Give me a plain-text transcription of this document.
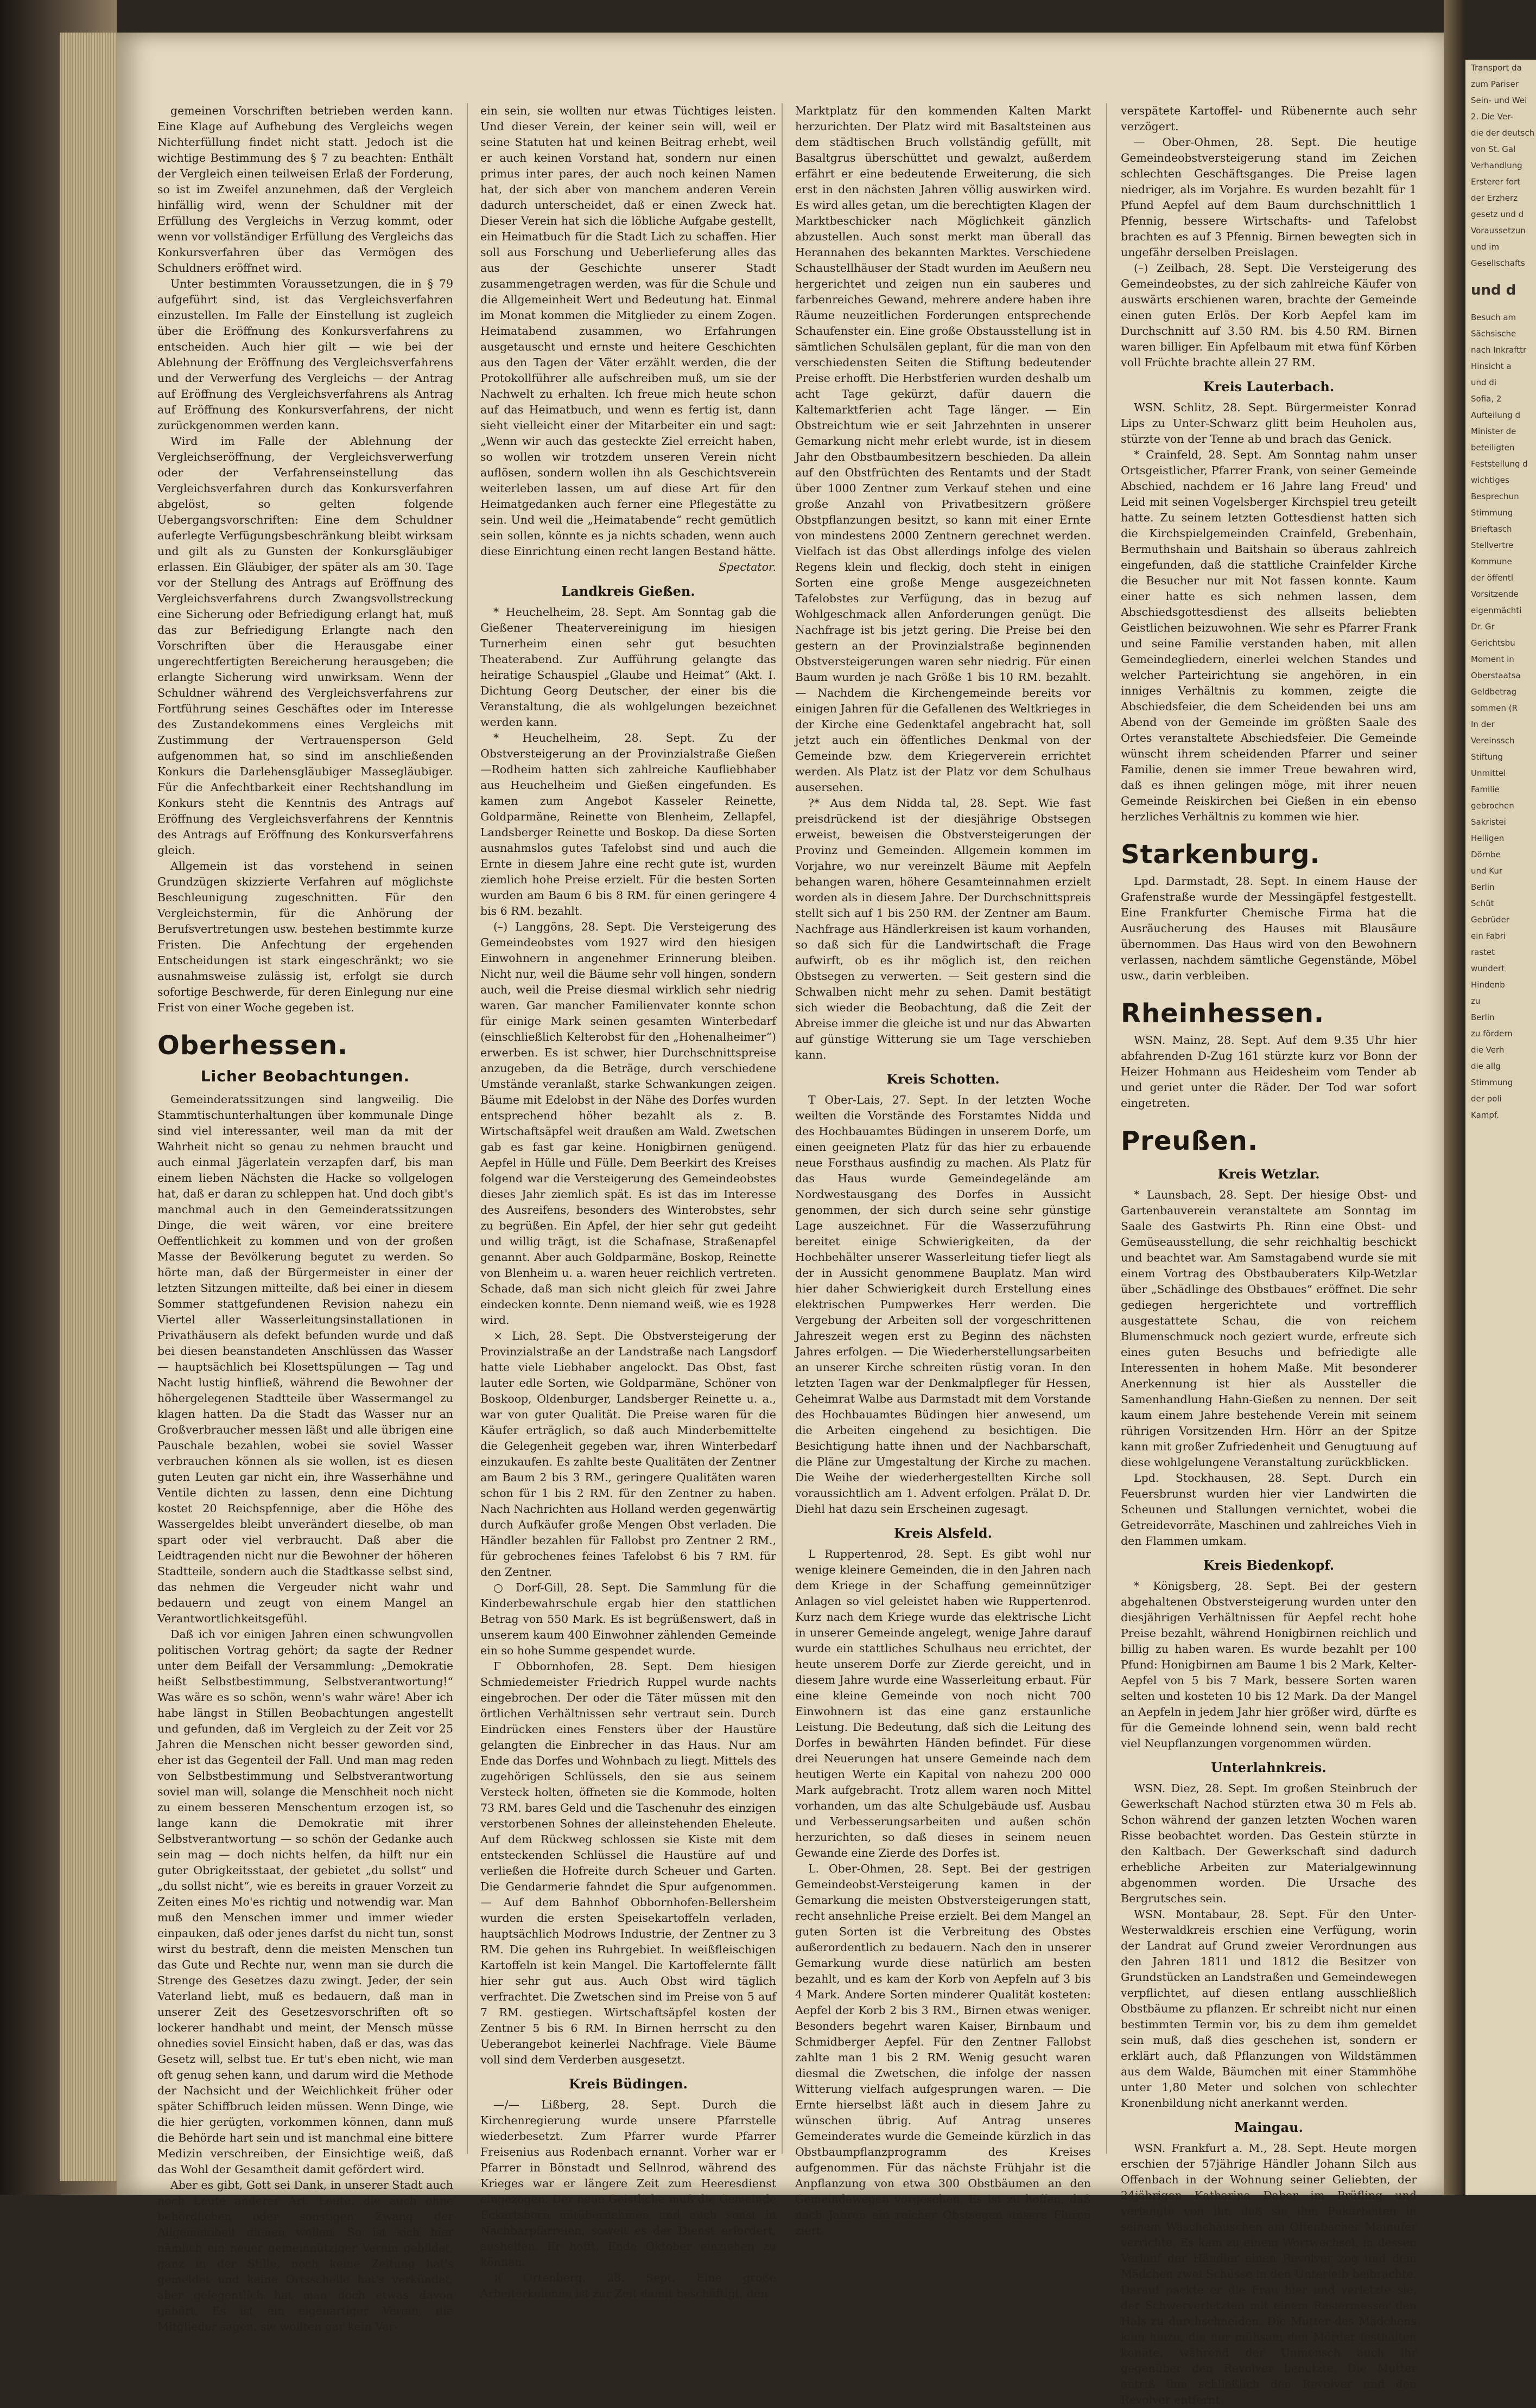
gemeinen Vorschriften betrieben werden kann. Eine Klage auf Aufhebung des Vergleichs wegen Nichterfüllung findet nicht statt. Jedoch ist die wichtige Bestimmung des § 7 zu beachten: Enthält der Vergleich einen teilweisen Erlaß der Forderung, so ist im Zweifel anzunehmen, daß der Vergleich hinfällig wird, wenn der Schuldner mit der Erfüllung des Vergleichs in Verzug kommt, oder wenn vor vollständiger Erfüllung des Vergleichs das Konkursverfahren über das Vermögen des Schuldners eröffnet wird.
Unter bestimmten Voraussetzungen, die in § 79 aufgeführt sind, ist das Vergleichsverfahren einzustellen. Im Falle der Einstellung ist zugleich über die Eröffnung des Konkursverfahrens zu entscheiden. Auch hier gilt — wie bei der Ablehnung der Eröffnung des Vergleichsverfahrens und der Verwerfung des Vergleichs — der Antrag auf Eröffnung des Vergleichsverfahrens als Antrag auf Eröffnung des Konkursverfahrens, der nicht zurückgenommen werden kann.
Wird im Falle der Ablehnung der Vergleichseröffnung, der Vergleichsverwerfung oder der Verfahrenseinstellung das Vergleichsverfahren durch das Konkursverfahren abgelöst, so gelten folgende Uebergangsvorschriften: Eine dem Schuldner auferlegte Verfügungsbeschränkung bleibt wirksam und gilt als zu Gunsten der Konkursgläubiger erlassen. Ein Gläubiger, der später als am 30. Tage vor der Stellung des Antrags auf Eröffnung des Vergleichsverfahrens durch Zwangsvollstreckung eine Sicherung oder Befriedigung erlangt hat, muß das zur Befriedigung Erlangte nach den Vorschriften über die Herausgabe einer ungerechtfertigten Bereicherung herausgeben; die erlangte Sicherung wird unwirksam. Wenn der Schuldner während des Vergleichsverfahrens zur Fortführung seines Geschäftes oder im Interesse des Zustandekommens eines Vergleichs mit Zustimmung der Vertrauensperson Geld aufgenommen hat, so sind im anschließenden Konkurs die Darlehensgläubiger Massegläubiger. Für die Anfechtbarkeit einer Rechtshandlung im Konkurs steht die Kenntnis des Antrags auf Eröffnung des Vergleichsverfahrens der Kenntnis des Antrags auf Eröffnung des Konkursverfahrens gleich.
Allgemein ist das vorstehend in seinen Grundzügen skizzierte Verfahren auf möglichste Beschleunigung zugeschnitten. Für den Vergleichstermin, für die Anhörung der Berufsvertretungen usw. bestehen bestimmte kurze Fristen. Die Anfechtung der ergehenden Entscheidungen ist stark eingeschränkt; wo sie ausnahmsweise zulässig ist, erfolgt sie durch sofortige Beschwerde, für deren Einlegung nur eine Frist von einer Woche gegeben ist.
Oberhessen.
Licher Beobachtungen.
Gemeinderatssitzungen sind langweilig. Die Stammtischunterhaltungen über kommunale Dinge sind viel interessanter, weil man da mit der Wahrheit nicht so genau zu nehmen braucht und auch einmal Jägerlatein verzapfen darf, bis man einem lieben Nächsten die Hacke so vollgelogen hat, daß er daran zu schleppen hat. Und doch gibt's manchmal auch in den Gemeinderatssitzungen Dinge, die weit wären, vor eine breitere Oeffentlichkeit zu kommen und von der großen Masse der Bevölkerung begutet zu werden. So hörte man, daß der Bürgermeister in einer der letzten Sitzungen mitteilte, daß bei einer in diesem Sommer stattgefundenen Revision nahezu ein Viertel aller Wasserleitungsinstallationen in Privathäusern als defekt befunden wurde und daß bei diesen beanstandeten Anschlüssen das Wasser — hauptsächlich bei Klosettspülungen — Tag und Nacht lustig hinfließ, während die Bewohner der höhergelegenen Stadtteile über Wassermangel zu klagen hatten. Da die Stadt das Wasser nur an Großverbraucher messen läßt und alle übrigen eine Pauschale bezahlen, wobei sie soviel Wasser verbrauchen können als sie wollen, ist es diesen guten Leuten gar nicht ein, ihre Wasserhähne und Ventile dichten zu lassen, denn eine Dichtung kostet 20 Reichspfennige, aber die Höhe des Wassergeldes bleibt unverändert dieselbe, ob man spart oder viel verbraucht. Daß aber die Leidtragenden nicht nur die Bewohner der höheren Stadtteile, sondern auch die Stadtkasse selbst sind, das nehmen die Vergeuder nicht wahr und bedauern und zeugt von einem Mangel an Verantwortlichkeitsgefühl.
Daß ich vor einigen Jahren einen schwungvollen politischen Vortrag gehört; da sagte der Redner unter dem Beifall der Versammlung: „Demokratie heißt Selbstbestimmung, Selbstverantwortung!“ Was wäre es so schön, wenn's wahr wäre! Aber ich habe längst in Stillen Beobachtungen angestellt und gefunden, daß im Vergleich zu der Zeit vor 25 Jahren die Menschen nicht besser geworden sind, eher ist das Gegenteil der Fall. Und man mag reden von Selbstbestimmung und Selbstverantwortung soviel man will, solange die Menschheit noch nicht zu einem besseren Menschentum erzogen ist, so lange kann die Demokratie mit ihrer Selbstverantwortung — so schön der Gedanke auch sein mag — doch nichts helfen, da hilft nur ein guter Obrigkeitsstaat, der gebietet „du sollst“ und „du sollst nicht“, wie es bereits in grauer Vorzeit zu Zeiten eines Mo'es richtig und notwendig war. Man muß den Menschen immer und immer wieder einpauken, daß oder jenes darfst du nicht tun, sonst wirst du bestraft, denn die meisten Menschen tun das Gute und Rechte nur, wenn man sie durch die Strenge des Gesetzes dazu zwingt. Jeder, der sein Vaterland liebt, muß es bedauern, daß man in unserer Zeit des Gesetzesvorschriften oft so lockerer handhabt und meint, der Mensch müsse ohnedies soviel Einsicht haben, daß er das, was das Gesetz will, selbst tue. Er tut's eben nicht, wie man oft genug sehen kann, und darum wird die Methode der Nachsicht und der Weichlichkeit früher oder später Schiffbruch leiden müssen. Wenn Dinge, wie die hier gerügten, vorkommen können, dann muß die Behörde hart sein und ist manchmal eine bittere Medizin verschreiben, der Einsichtige weiß, daß das Wohl der Gesamtheit damit gefördert wird.
Aber es gibt, Gott sei Dank, in unserer Stadt auch noch Leute anderer Art. Leute, die auch ohne behördlichen oder sonstigen Zwang der Allgemeinheit dienen wollen. So ist sich hier nämlich ein neuer gemeinnütziger Verein gebildet, ganz in der Stille, noch keine Zeitung hat's gemeldet und keine Ortsschelle hat's verkündet, aber gelegentlich hat man doch etwas davon gehört. Es ist ein eigenartiger Verein, die Mitglieder sagen, sie wollten gar kein Ver-
ein sein, sie wollten nur etwas Tüchtiges leisten. Und dieser Verein, der keiner sein will, weil er seine Statuten hat und keinen Beitrag erhebt, weil er auch keinen Vorstand hat, sondern nur einen primus inter pares, der auch noch keinen Namen hat, der sich aber von manchem anderen Verein dadurch unterscheidet, daß er einen Zweck hat. Dieser Verein hat sich die löbliche Aufgabe gestellt, ein Heimatbuch für die Stadt Lich zu schaffen. Hier soll aus Forschung und Ueberlieferung alles das aus der Geschichte unserer Stadt zusammengetragen werden, was für die Schule und die Allgemeinheit Wert und Bedeutung hat. Einmal im Monat kommen die Mitglieder zu einem Zogen. Heimatabend zusammen, wo Erfahrungen ausgetauscht und ernste und heitere Geschichten aus den Tagen der Väter erzählt werden, die der Protokollführer alle aufschreiben muß, um sie der Nachwelt zu erhalten. Ich freue mich heute schon auf das Heimatbuch, und wenn es fertig ist, dann sieht vielleicht einer der Mitarbeiter ein und sagt: „Wenn wir auch das gesteckte Ziel erreicht haben, so wollen wir trotzdem unseren Verein nicht auflösen, sondern wollen ihn als Geschichtsverein weiterleben lassen, um auf diese Art für den Heimatgedanken auch ferner eine Pflegestätte zu sein. Und weil die „Heimatabende“ recht gemütlich sein sollen, könnte es ja nichts schaden, wenn auch diese Einrichtung einen recht langen Bestand hätte.
Spectator.
Landkreis Gießen.
* Heuchelheim, 28. Sept. Am Sonntag gab die Gießener Theatervereinigung im hiesigen Turnerheim einen sehr gut besuchten Theaterabend. Zur Aufführung gelangte das heiratige Schauspiel „Glaube und Heimat“ (Akt. I. Dichtung Georg Deutscher, der einer bis die Veranstaltung, die als wohlgelungen bezeichnet werden kann.
* Heuchelheim, 28. Sept. Zu der Obstversteigerung an der Provinzialstraße Gießen—Rodheim hatten sich zahlreiche Kaufliebhaber aus Heuchelheim und Gießen eingefunden. Es kamen zum Angebot Kasseler Reinette, Goldparmäne, Reinette von Blenheim, Zellapfel, Landsberger Reinette und Boskop. Da diese Sorten ausnahmslos gutes Tafelobst sind und auch die Ernte in diesem Jahre eine recht gute ist, wurden ziemlich hohe Preise erzielt. Für die besten Sorten wurden am Baum 6 bis 8 RM. für einen geringere 4 bis 6 RM. bezahlt.
(–) Langgöns, 28. Sept. Die Versteigerung des Gemeindeobstes vom 1927 wird den hiesigen Einwohnern in angenehmer Erinnerung bleiben. Nicht nur, weil die Bäume sehr voll hingen, sondern auch, weil die Preise diesmal wirklich sehr niedrig waren. Gar mancher Familienvater konnte schon für einige Mark seinen gesamten Winterbedarf (einschließlich Kelterobst für den „Hohenalheimer“) erwerben. Es ist schwer, hier Durchschnittspreise anzugeben, da die Beträge, durch verschiedene Umstände veranlaßt, starke Schwankungen zeigen. Bäume mit Edelobst in der Nähe des Dorfes wurden entsprechend höher bezahlt als z. B. Wirtschaftsäpfel weit draußen am Wald. Zwetschen gab es fast gar keine. Honigbirnen genügend. Aepfel in Hülle und Fülle. Dem Beerkirt des Kreises folgend war die Versteigerung des Gemeindeobstes dieses Jahr ziemlich spät. Es ist das im Interesse des Ausreifens, besonders des Winterobstes, sehr zu begrüßen. Ein Apfel, der hier sehr gut gedeiht und willig trägt, ist die Schafnase, Straßenapfel genannt. Aber auch Goldparmäne, Boskop, Reinette von Blenheim u. a. waren heuer reichlich vertreten. Schade, daß man sich nicht gleich für zwei Jahre eindecken konnte. Denn niemand weiß, wie es 1928 wird.
× Lich, 28. Sept. Die Obstversteigerung der Provinzialstraße an der Landstraße nach Langsdorf hatte viele Liebhaber angelockt. Das Obst, fast lauter edle Sorten, wie Goldparmäne, Schöner von Boskoop, Oldenburger, Landsberger Reinette u. a., war von guter Qualität. Die Preise waren für die Käufer erträglich, so daß auch Minderbemittelte die Gelegenheit gegeben war, ihren Winterbedarf einzukaufen. Es zahlte beste Qualitäten der Zentner am Baum 2 bis 3 RM., geringere Qualitäten waren schon für 1 bis 2 RM. für den Zentner zu haben. Nach Nachrichten aus Holland werden gegenwärtig durch Aufkäufer große Mengen Obst verladen. Die Händler bezahlen für Fallobst pro Zentner 2 RM., für gebrochenes feines Tafelobst 6 bis 7 RM. für den Zentner.
○ Dorf-Gill, 28. Sept. Die Sammlung für die Kinderbewahrschule ergab hier den stattlichen Betrag von 550 Mark. Es ist begrüßenswert, daß in unserem kaum 400 Einwohner zählenden Gemeinde ein so hohe Summe gespendet wurde.
Γ Obbornhofen, 28. Sept. Dem hiesigen Schmiedemeister Friedrich Ruppel wurde nachts eingebrochen. Der oder die Täter müssen mit den örtlichen Verhältnissen sehr vertraut sein. Durch Eindrücken eines Fensters über der Haustüre gelangten die Einbrecher in das Haus. Nur am Ende das Dorfes und Wohnbach zu liegt. Mittels des zugehörigen Schlüssels, den sie aus seinem Versteck holten, öffneten sie die Kommode, holten 73 RM. bares Geld und die Taschenuhr des einzigen verstorbenen Sohnes der alleinstehenden Eheleute. Auf dem Rückweg schlossen sie Kiste mit dem entsteckenden Schlüssel die Haustüre auf und verließen die Hofreite durch Scheuer und Garten. Die Gendarmerie fahndet die Spur aufgenommen. — Auf dem Bahnhof Obbornhofen-Bellersheim wurden die ersten Speisekartoffeln verladen, hauptsächlich Modrows Industrie, der Zentner zu 3 RM. Die gehen ins Ruhrgebiet. In weißfleischigen Kartoffeln ist kein Mangel. Die Kartoffelernte fällt hier sehr gut aus. Auch Obst wird täglich verfrachtet. Die Zwetschen sind im Preise von 5 auf 7 RM. gestiegen. Wirtschaftsäpfel kosten der Zentner 5 bis 6 RM. In Birnen herrscht zu den Ueberangebot keinerlei Nachfrage. Viele Bäume voll sind dem Verderben ausgesetzt.
Kreis Büdingen.
—/— Lißberg, 28. Sept. Durch die Kirchenregierung wurde unsere Pfarrstelle wiederbesetzt. Zum Pfarrer wurde Pfarrer Freisenius aus Rodenbach ernannt. Vorher war er Pfarrer in Bönstadt und Sellnrod, während des Krieges war er längere Zeit zum Heeresdienst eingezogen. Der neue Geistliche muß die Gemeinde Eckartsborn mitübernehmen und auch sonst in Nachbarpfarreien, soweit es der Dienst erfordert, aushelfen. Er hofft, Ende Oktober einziehen zu können.
)( Ortenberg, 28. Sept. Eine große Arbeiterkolonne ist zur Zeit damit beschäftigt, den
Marktplatz für den kommenden Kalten Markt herzurichten. Der Platz wird mit Basaltsteinen aus dem städtischen Bruch vollständig gefüllt, mit Basaltgrus überschüttet und gewalzt, außerdem erfährt er eine bedeutende Erweiterung, die sich erst in den nächsten Jahren völlig auswirken wird. Es wird alles getan, um die berechtigten Klagen der Marktbeschicker nach Möglichkeit gänzlich abzustellen. Auch sonst merkt man überall das Herannahen des bekannten Marktes. Verschiedene Schaustellhäuser der Stadt wurden im Aeußern neu hergerichtet und zeigen nun ein sauberes und farbenreiches Gewand, mehrere andere haben ihre Räume neuzeitlichen Forderungen entsprechende Schaufenster ein. Eine große Obstausstellung ist in sämtlichen Schulsälen geplant, für die man von den verschiedensten Seiten die Stiftung bedeutender Preise erhofft. Die Herbstferien wurden deshalb um acht Tage gekürzt, dafür dauern die Kaltemarktferien acht Tage länger. — Ein Obstreichtum wie er seit Jahrzehnten in unserer Gemarkung nicht mehr erlebt wurde, ist in diesem Jahr den Obstbaumbesitzern beschieden. Da allein auf den Obstfrüchten des Rentamts und der Stadt über 1000 Zentner zum Verkauf stehen und eine große Anzahl von Privatbesitzern größere Obstpflanzungen besitzt, so kann mit einer Ernte von mindestens 2000 Zentnern gerechnet werden. Vielfach ist das Obst allerdings infolge des vielen Regens klein und fleckig, doch steht in einigen Sorten eine große Menge ausgezeichneten Tafelobstes zur Verfügung, das in bezug auf Wohlgeschmack allen Anforderungen genügt. Die Nachfrage ist bis jetzt gering. Die Preise bei den gestern an der Provinzialstraße beginnenden Obstversteigerungen waren sehr niedrig. Für einen Baum wurden je nach Größe 1 bis 10 RM. bezahlt. — Nachdem die Kirchengemeinde bereits vor einigen Jahren für die Gefallenen des Weltkrieges in der Kirche eine Gedenktafel angebracht hat, soll jetzt auch ein öffentliches Denkmal von der Gemeinde bzw. dem Kriegerverein errichtet werden. Als Platz ist der Platz vor dem Schulhaus ausersehen.
?* Aus dem Nidda tal, 28. Sept. Wie fast preisdrückend ist der diesjährige Obstsegen erweist, beweisen die Obstversteigerungen der Provinz und Gemeinden. Allgemein kommen im Vorjahre, wo nur vereinzelt Bäume mit Aepfeln behangen waren, höhere Gesamteinnahmen erzielt worden als in diesem Jahre. Der Durchschnittspreis stellt sich auf 1 bis 250 RM. der Zentner am Baum. Nachfrage aus Händlerkreisen ist kaum vorhanden, so daß sich für die Landwirtschaft die Frage aufwirft, ob es ihr möglich ist, den reichen Obstsegen zu verwerten. — Seit gestern sind die Schwalben nicht mehr zu sehen. Damit bestätigt sich wieder die Beobachtung, daß die Zeit der Abreise immer die gleiche ist und nur das Abwarten auf günstige Witterung sie um Tage verschieben kann.
Kreis Schotten.
T Ober-Lais, 27. Sept. In der letzten Woche weilten die Vorstände des Forstamtes Nidda und des Hochbauamtes Büdingen in unserem Dorfe, um einen geeigneten Platz für das hier zu erbauende neue Forsthaus ausfindig zu machen. Als Platz für das Haus wurde Gemeindegelände am Nordwestausgang des Dorfes in Aussicht genommen, der sich durch seine sehr günstige Lage auszeichnet. Für die Wasserzuführung bereitet einige Schwierigkeiten, da der Hochbehälter unserer Wasserleitung tiefer liegt als der in Aussicht genommene Bauplatz. Man wird hier daher Schwierigkeit durch Erstellung eines elektrischen Pumpwerkes Herr werden. Die Vergebung der Arbeiten soll der vorgeschrittenen Jahreszeit wegen erst zu Beginn des nächsten Jahres erfolgen. — Die Wiederherstellungsarbeiten an unserer Kirche schreiten rüstig voran. In den letzten Tagen war der Denkmalpfleger für Hessen, Geheimrat Walbe aus Darmstadt mit dem Vorstande des Hochbauamtes Büdingen hier anwesend, um die Arbeiten eingehend zu besichtigen. Die Besichtigung hatte ihnen und der Nachbarschaft, die Pläne zur Umgestaltung der Kirche zu machen. Die Weihe der wiederhergestellten Kirche soll voraussichtlich am 1. Advent erfolgen. Prälat D. Dr. Diehl hat dazu sein Erscheinen zugesagt.
Kreis Alsfeld.
L Ruppertenrod, 28. Sept. Es gibt wohl nur wenige kleinere Gemeinden, die in den Jahren nach dem Kriege in der Schaffung gemeinnütziger Anlagen so viel geleistet haben wie Ruppertenrod. Kurz nach dem Kriege wurde das elektrische Licht in unserer Gemeinde angelegt, wenige Jahre darauf wurde ein stattliches Schulhaus neu errichtet, der heute unserem Dorfe zur Zierde gereicht, und in diesem Jahre wurde eine Wasserleitung erbaut. Für eine kleine Gemeinde von noch nicht 700 Einwohnern ist das eine ganz erstaunliche Leistung. Die Bedeutung, daß sich die Leitung des Dorfes in bewährten Händen befindet. Für diese drei Neuerungen hat unsere Gemeinde nach dem heutigen Werte ein Kapital von nahezu 200 000 Mark aufgebracht. Trotz allem waren noch Mittel vorhanden, um das alte Schulgebäude usf. Ausbau und Verbesserungsarbeiten und außen schön herzurichten, so daß dieses in seinem neuen Gewande eine Zierde des Dorfes ist.
L. Ober-Ohmen, 28. Sept. Bei der gestrigen Gemeindeobst-Versteigerung kamen in der Gemarkung die meisten Obstversteigerungen statt, recht ansehnliche Preise erzielt. Bei dem Mangel an guten Sorten ist die Verbreitung des Obstes außerordentlich zu bedauern. Nach den in unserer Gemarkung wurde diese natürlich am besten bezahlt, und es kam der Korb von Aepfeln auf 3 bis 4 Mark. Andere Sorten minderer Qualität kosteten: Aepfel der Korb 2 bis 3 RM., Birnen etwas weniger. Besonders begehrt waren Kaiser, Birnbaum und Schmidberger Aepfel. Für den Zentner Fallobst zahlte man 1 bis 2 RM. Wenig gesucht waren diesmal die Zwetschen, die infolge der nassen Witterung vielfach aufgesprungen waren. — Die Ernte hierselbst läßt auch in diesem Jahre zu wünschen übrig. Auf Antrag unseres Gemeinderates wurde die Gemeinde kürzlich in das Obstbaumpflanzprogramm des Kreises aufgenommen. Für das nächste Frühjahr ist die Anpflanzung von etwa 300 Obstbäumen an den Gemeindewegen vorgesehen. Es ist zu hoffen, daß nach Jahren ein reicher Obstsegen unsere Fluren ziert.
verspätete Kartoffel- und Rübenernte auch sehr verzögert.
— Ober-Ohmen, 28. Sept. Die heutige Gemeindeobstversteigerung stand im Zeichen schlechten Geschäftsganges. Die Preise lagen niedriger, als im Vorjahre. Es wurden bezahlt für 1 Pfund Aepfel auf dem Baum durchschnittlich 1 Pfennig, bessere Wirtschafts- und Tafelobst brachten es auf 3 Pfennig. Birnen bewegten sich in ungefähr derselben Preislagen.
(–) Zeilbach, 28. Sept. Die Versteigerung des Gemeindeobstes, zu der sich zahlreiche Käufer von auswärts erschienen waren, brachte der Gemeinde einen guten Erlös. Der Korb Aepfel kam im Durchschnitt auf 3.50 RM. bis 4.50 RM. Birnen waren billiger. Ein Apfelbaum mit etwa fünf Körben voll Früchte brachte allein 27 RM.
Kreis Lauterbach.
WSN. Schlitz, 28. Sept. Bürgermeister Konrad Lips zu Unter-Schwarz glitt beim Heuholen aus, stürzte von der Tenne ab und brach das Genick.
* Crainfeld, 28. Sept. Am Sonntag nahm unser Ortsgeistlicher, Pfarrer Frank, von seiner Gemeinde Abschied, nachdem er 16 Jahre lang Freud' und Leid mit seinen Vogelsberger Kirchspiel treu geteilt hatte. Zu seinem letzten Gottesdienst hatten sich die Kirchspielgemeinden Crainfeld, Grebenhain, Bermuthshain und Baitshain so überaus zahlreich eingefunden, daß die stattliche Crainfelder Kirche die Besucher nur mit Not fassen konnte. Kaum einer hatte es sich nehmen lassen, dem Abschiedsgottesdienst des allseits beliebten Geistlichen beizuwohnen. Wie sehr es Pfarrer Frank und seine Familie verstanden haben, mit allen Gemeindegliedern, einerlei welchen Standes und welcher Parteirichtung sie angehören, in ein inniges Verhältnis zu kommen, zeigte die Abschiedsfeier, die dem Scheidenden bei uns am Abend von der Gemeinde im größten Saale des Ortes veranstaltete Abschiedsfeier. Die Gemeinde wünscht ihrem scheidenden Pfarrer und seiner Familie, denen sie immer Treue bewahren wird, daß es ihnen gelingen möge, mit ihrer neuen Gemeinde Reiskirchen bei Gießen in ein ebenso herzliches Verhältnis zu kommen wie hier.
Starkenburg.
Lpd. Darmstadt, 28. Sept. In einem Hause der Grafenstraße wurde der Messingäpfel festgestellt. Eine Frankfurter Chemische Firma hat die Ausräucherung des Hauses mit Blausäure übernommen. Das Haus wird von den Bewohnern verlassen, nachdem sämtliche Gegenstände, Möbel usw., darin verbleiben.
Rheinhessen.
WSN. Mainz, 28. Sept. Auf dem 9.35 Uhr hier abfahrenden D-Zug 161 stürzte kurz vor Bonn der Heizer Hohmann aus Heidesheim vom Tender ab und geriet unter die Räder. Der Tod war sofort eingetreten.
Preußen.
Kreis Wetzlar.
* Launsbach, 28. Sept. Der hiesige Obst- und Gartenbauverein veranstaltete am Sonntag im Saale des Gastwirts Ph. Rinn eine Obst- und Gemüseausstellung, die sehr reichhaltig beschickt und beachtet war. Am Samstagabend wurde sie mit einem Vortrag des Obstbauberaters Kilp-Wetzlar über „Schädlinge des Obstbaues“ eröffnet. Die sehr gediegen hergerichtete und vortrefflich ausgestattete Schau, die von reichem Blumenschmuck noch geziert wurde, erfreute sich eines guten Besuchs und befriedigte alle Interessenten in hohem Maße. Mit besonderer Anerkennung ist hier als Aussteller die Samenhandlung Hahn-Gießen zu nennen. Der seit kaum einem Jahre bestehende Verein mit seinem rührigen Vorsitzenden Hrn. Hörr an der Spitze kann mit großer Zufriedenheit und Genugtuung auf diese wohlgelungene Veranstaltung zurückblicken.
Lpd. Stockhausen, 28. Sept. Durch ein Feuersbrunst wurden hier vier Landwirten die Scheunen und Stallungen vernichtet, wobei die Getreidevorräte, Maschinen und zahlreiches Vieh in den Flammen umkam.
Kreis Biedenkopf.
* Königsberg, 28. Sept. Bei der gestern abgehaltenen Obstversteigerung wurden unter den diesjährigen Verhältnissen für Aepfel recht hohe Preise bezahlt, während Honigbirnen reichlich und billig zu haben waren. Es wurde bezahlt per 100 Pfund: Honigbirnen am Baume 1 bis 2 Mark, Kelter-Aepfel von 5 bis 7 Mark, bessere Sorten waren selten und kosteten 10 bis 12 Mark. Da der Mangel an Aepfeln in jedem Jahr hier größer wird, dürfte es für die Gemeinde lohnend sein, wenn bald recht viel Neupflanzungen vorgenommen würden.
Unterlahnkreis.
WSN. Diez, 28. Sept. Im großen Steinbruch der Gewerkschaft Nachod stürzten etwa 30 m Fels ab. Schon während der ganzen letzten Wochen waren Risse beobachtet worden. Das Gestein stürzte in den Kaltbach. Der Gewerkschaft sind dadurch erhebliche Arbeiten zur Materialgewinnung abgenommen worden. Die Ursache des Bergrutsches sein.
WSN. Montabaur, 28. Sept. Für den Unter-Westerwaldkreis erschien eine Verfügung, worin der Landrat auf Grund zweier Verordnungen aus den Jahren 1811 und 1812 die Besitzer von Grundstücken an Landstraßen und Gemeindewegen verpflichtet, auf diesen entlang ausschließlich Obstbäume zu pflanzen. Er schreibt nicht nur einen bestimmten Termin vor, bis zu dem ihm gemeldet sein muß, daß dies geschehen ist, sondern er erklärt auch, daß Pflanzungen von Wildstämmen aus dem Walde, Bäumchen mit einer Stammhöhe unter 1,80 Meter und solchen von schlechter Kronenbildung nicht anerkannt werden.
Maingau.
WSN. Frankfurt a. M., 28. Sept. Heute morgen erschien der 57jährige Händler Johann Silch aus Offenbach in der Wohnung seiner Geliebten, der 24jährigen Katharina Daber im Prüfling und verlangte von ihr, daß sie ihm Pukarbeiten in seinem Wäschehäuschen am Offenbacher Mainufer verrichte. Es kam zu einem Wortwechsel, in dessen Verlauf der Händler einen Revolver zog und dem Mädchen zwei Schüsse in den Unterleib beibrachte. Darauf packte er die Frau hier und verletzte sie, der Schwerverletzten mit einem Rasiermesser den Hals zu durchschneiden. Die Mutter des Mädchens kam hinzu, die nur mühsam den Mörder festhalten konnte, während der Unmensch auch ihr gegenüber den Revolver benutzte. Die Mutter entriß ihm schließlich den Revolver und den Revolver entfernt.
Transport da
zum Pariser
Sein- und Wei
2. Die Ver-
die der deutsch
von St. Gal
Verhandlung
Ersterer fort
der Erzherz
gesetz und d
Voraussetzun
und im
Gesellschafts
und d
Besuch am
Sächsische
nach Inkrafttr
Hinsicht a
und di
Sofia, 2
Aufteilung d
Minister de
beteiligten
Feststellung d
wichtiges
Besprechun
Stimmung
Brieftasch
Stellvertre
Kommune
der öffentl
Vorsitzende
eigenmächti
Dr. Gr
Gerichtsbu
Moment in
Oberstaatsa
Geldbetrag
sommen (R
In der
Vereinssch
Stiftung
Unmittel
Familie
gebrochen
Sakristei
Heiligen
Dörnbe
und Kur
Berlin
Schüt
Gebrüder
ein Fabri
rastet
wundert
Hindenb
zu
Berlin
zu fördern
die Verh
die allg
Stimmung
der poli
Kampf.
